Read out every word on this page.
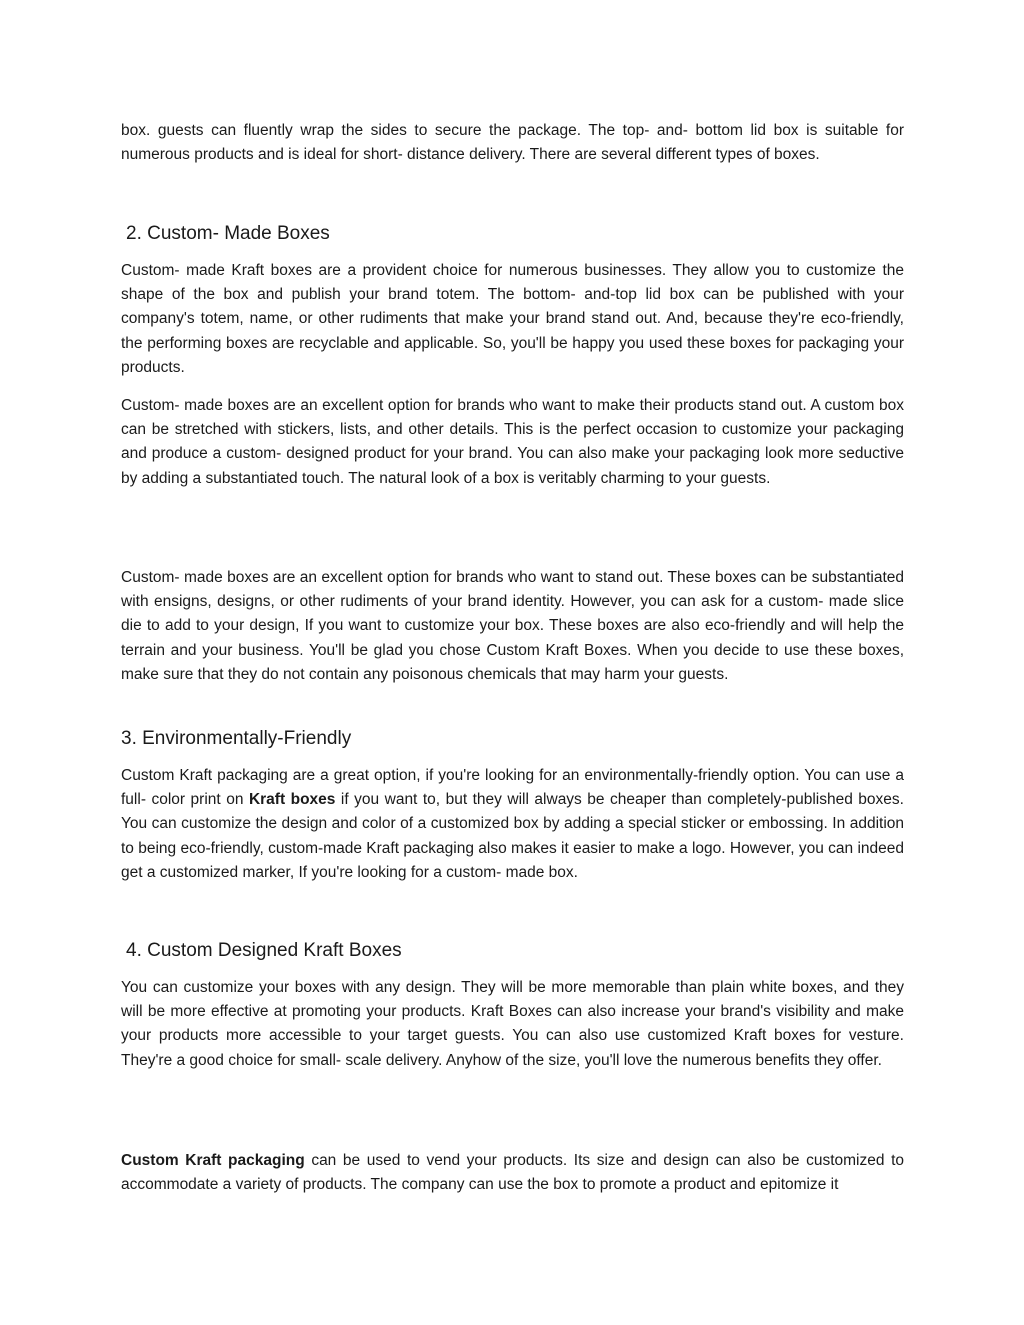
box. guests can fluently wrap the sides to secure the package. The top- and- bottom lid box is suitable for numerous products and is ideal for short- distance delivery. There are several different types of boxes.

2. Custom- Made Boxes

Custom- made Kraft boxes are a provident choice for numerous businesses. They allow you to customize the shape of the box and publish your brand totem. The bottom- and-top lid box can be published with your company's totem, name, or other rudiments that make your brand stand out. And, because they're eco-friendly, the performing boxes are recyclable and applicable. So, you'll be happy you used these boxes for packaging your products.

Custom- made boxes are an excellent option for brands who want to make their products stand out. A custom box can be stretched with stickers, lists, and other details. This is the perfect occasion to customize your packaging and produce a custom- designed product for your brand. You can also make your packaging look more seductive by adding a substantiated touch. The natural look of a box is veritably charming to your guests.

Custom- made boxes are an excellent option for brands who want to stand out. These boxes can be substantiated with ensigns, designs, or other rudiments of your brand identity. However, you can ask for a custom- made slice die to add to your design, If you want to customize your box. These boxes are also eco-friendly and will help the terrain and your business. You'll be glad you chose Custom Kraft Boxes. When you decide to use these boxes, make sure that they do not contain any poisonous chemicals that may harm your guests.

3. Environmentally-Friendly

Custom Kraft packaging are a great option, if you're looking for an environmentally-friendly option. You can use a full- color print on Kraft boxes if you want to, but they will always be cheaper than completely-published boxes. You can customize the design and color of a customized box by adding a special sticker or embossing. In addition to being eco-friendly, custom-made Kraft packaging also makes it easier to make a logo. However, you can indeed get a customized marker, If you're looking for a custom- made box.

4. Custom Designed Kraft Boxes

You can customize your boxes with any design. They will be more memorable than plain white boxes, and they will be more effective at promoting your products. Kraft Boxes can also increase your brand's visibility and make your products more accessible to your target guests. You can also use customized Kraft boxes for vesture. They're a good choice for small- scale delivery. Anyhow of the size, you'll love the numerous benefits they offer.

Custom Kraft packaging can be used to vend your products. Its size and design can also be customized to accommodate a variety of products. The company can use the box to promote a product and epitomize it
